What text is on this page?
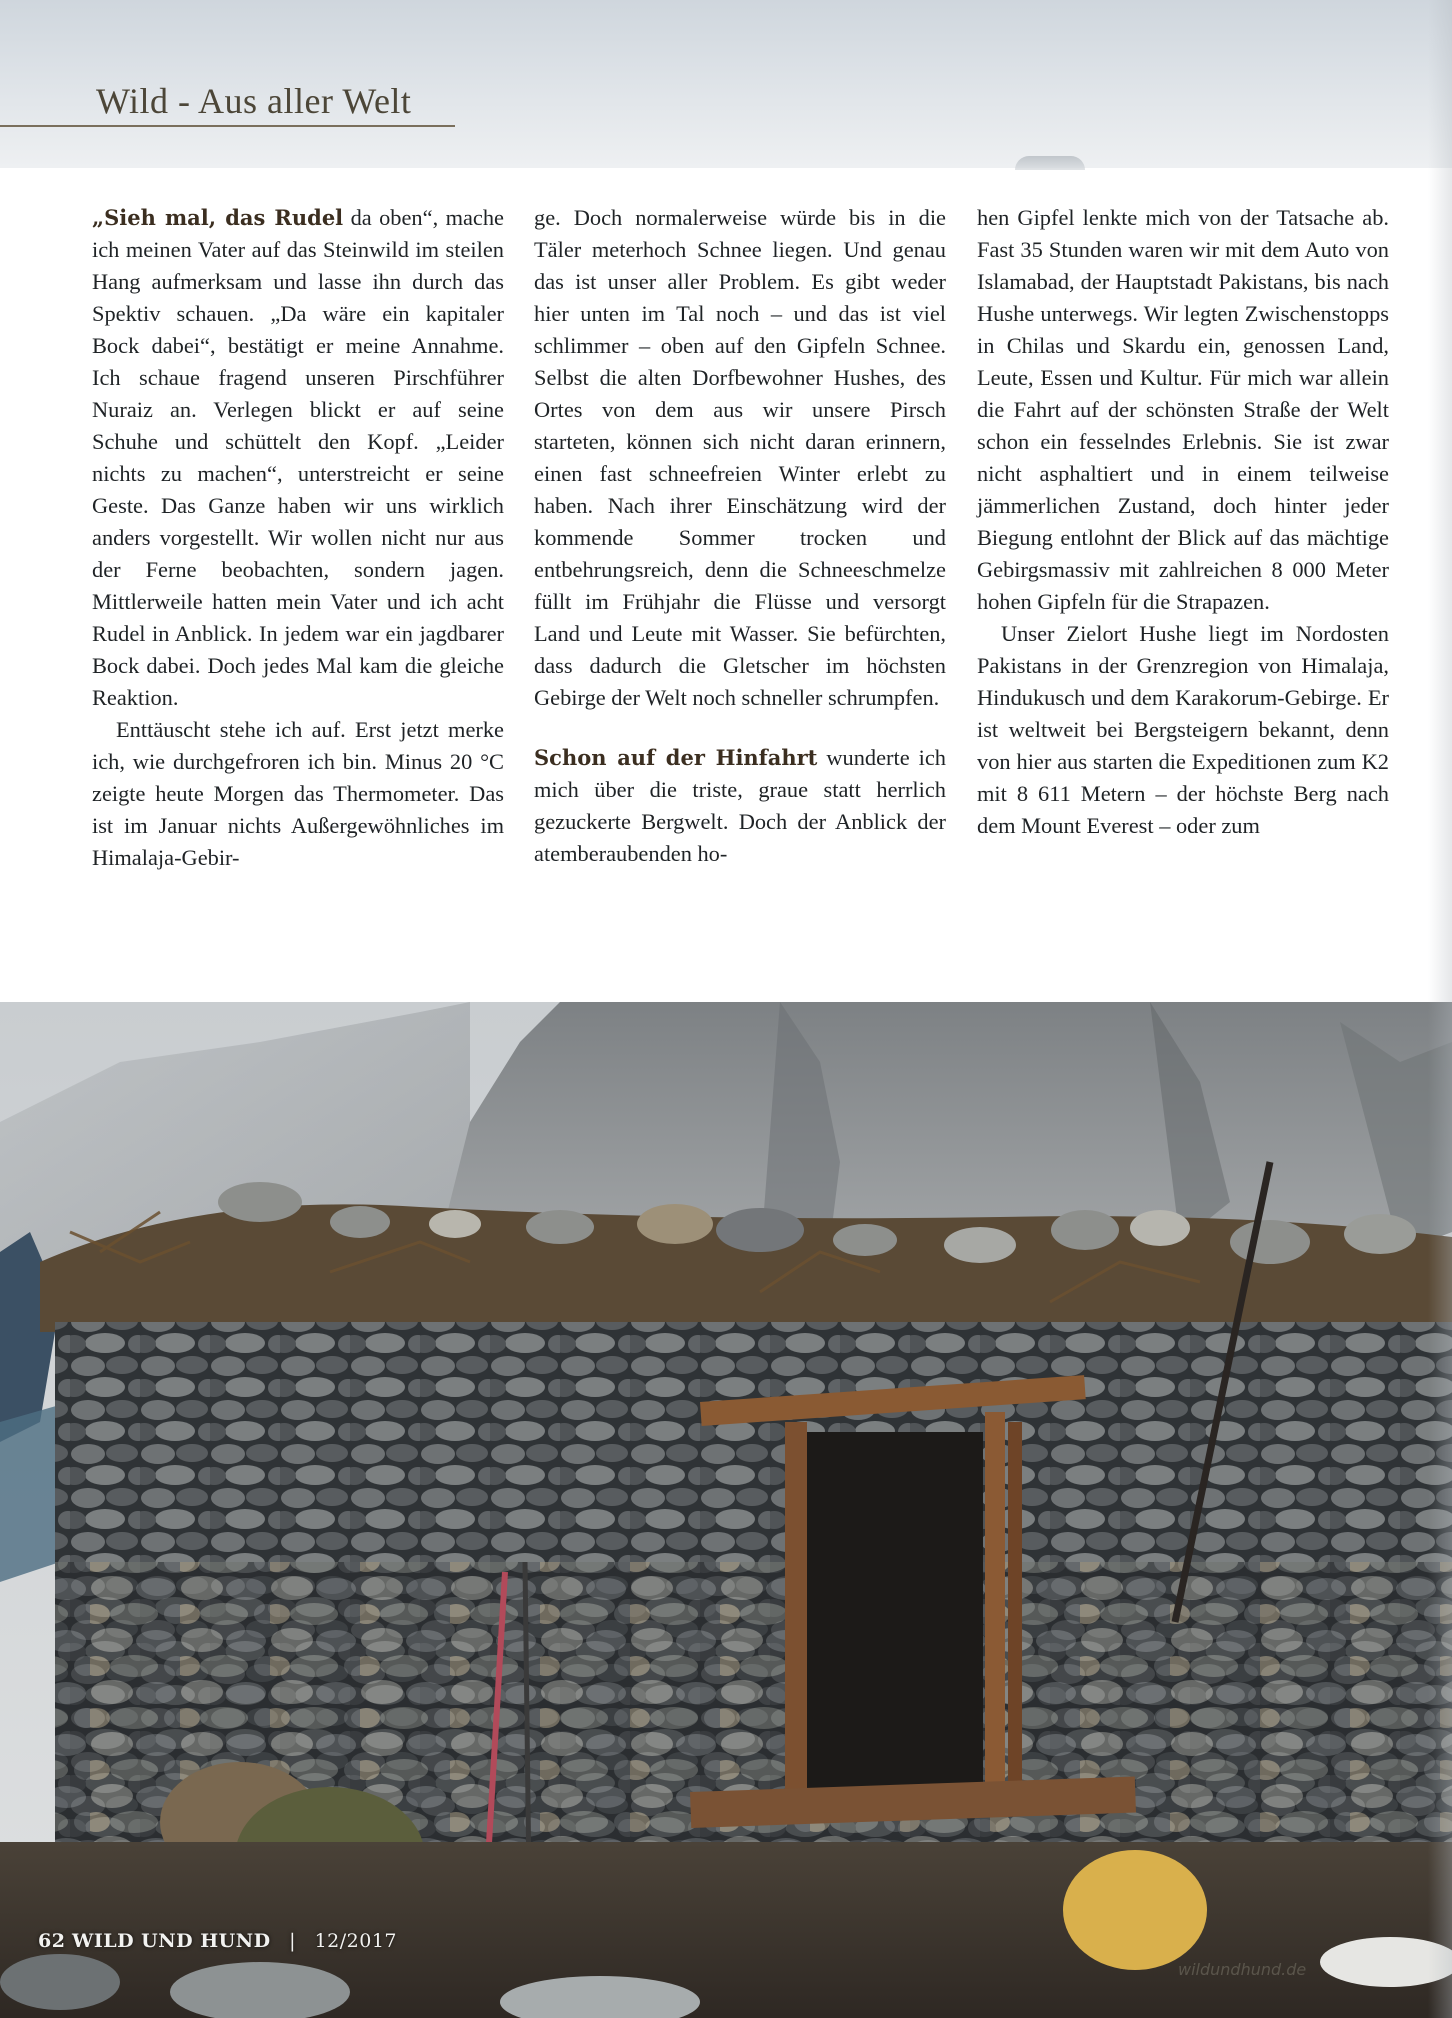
Wild - Aus aller Welt

„Sieh mal, das Rudel da oben“, mache ich meinen Vater auf das Steinwild im steilen Hang aufmerksam und lasse ihn durch das Spektiv schauen. „Da wäre ein kapitaler Bock dabei“, bestätigt er meine Annahme. Ich schaue fragend unseren Pirschführer Nuraiz an. Verlegen blickt er auf seine Schuhe und schüttelt den Kopf. „Leider nichts zu machen“, unterstreicht er seine Geste. Das Ganze haben wir uns wirklich anders vorgestellt. Wir wollen nicht nur aus der Ferne beobachten, sondern jagen. Mittlerweile hatten mein Vater und ich acht Rudel in Anblick. In jedem war ein jagdbarer Bock dabei. Doch jedes Mal kam die gleiche Reaktion.

Enttäuscht stehe ich auf. Erst jetzt merke ich, wie durchgefroren ich bin. Minus 20 °C zeigte heute Morgen das Thermometer. Das ist im Januar nichts Außergewöhnliches im Himalaja-Gebir-

ge. Doch normalerweise würde bis in die Täler meterhoch Schnee liegen. Und genau das ist unser aller Problem. Es gibt weder hier unten im Tal noch – und das ist viel schlimmer – oben auf den Gipfeln Schnee. Selbst die alten Dorfbewohner Hushes, des Ortes von dem aus wir unsere Pirsch starteten, können sich nicht daran erinnern, einen fast schneefreien Winter erlebt zu haben. Nach ihrer Einschätzung wird der kommende Sommer trocken und entbehrungsreich, denn die Schneeschmelze füllt im Frühjahr die Flüsse und versorgt Land und Leute mit Wasser. Sie befürchten, dass dadurch die Gletscher im höchsten Gebirge der Welt noch schneller schrumpfen.

Schon auf der Hinfahrt wunderte ich mich über die triste, graue statt herrlich gezuckerte Bergwelt. Doch der Anblick der atemberaubenden ho-

hen Gipfel lenkte mich von der Tatsache ab. Fast 35 Stunden waren wir mit dem Auto von Islamabad, der Hauptstadt Pakistans, bis nach Hushe unterwegs. Wir legten Zwischenstopps in Chilas und Skardu ein, genossen Land, Leute, Essen und Kultur. Für mich war allein die Fahrt auf der schönsten Straße der Welt schon ein fesselndes Erlebnis. Sie ist zwar nicht asphaltiert und in einem teilweise jämmerlichen Zustand, doch hinter jeder Biegung entlohnt der Blick auf das mächtige Gebirgsmassiv mit zahlreichen 8 000 Meter hohen Gipfeln für die Strapazen.

Unser Zielort Hushe liegt im Nordosten Pakistans in der Grenzregion von Himalaja, Hindukusch und dem Karakorum-Gebirge. Er ist weltweit bei Bergsteigern bekannt, denn von hier aus starten die Expeditionen zum K2 mit 8 611 Metern – der höchste Berg nach dem Mount Everest – oder zum

62 WILD UND HUND | 12/2017
wildundhund.de
